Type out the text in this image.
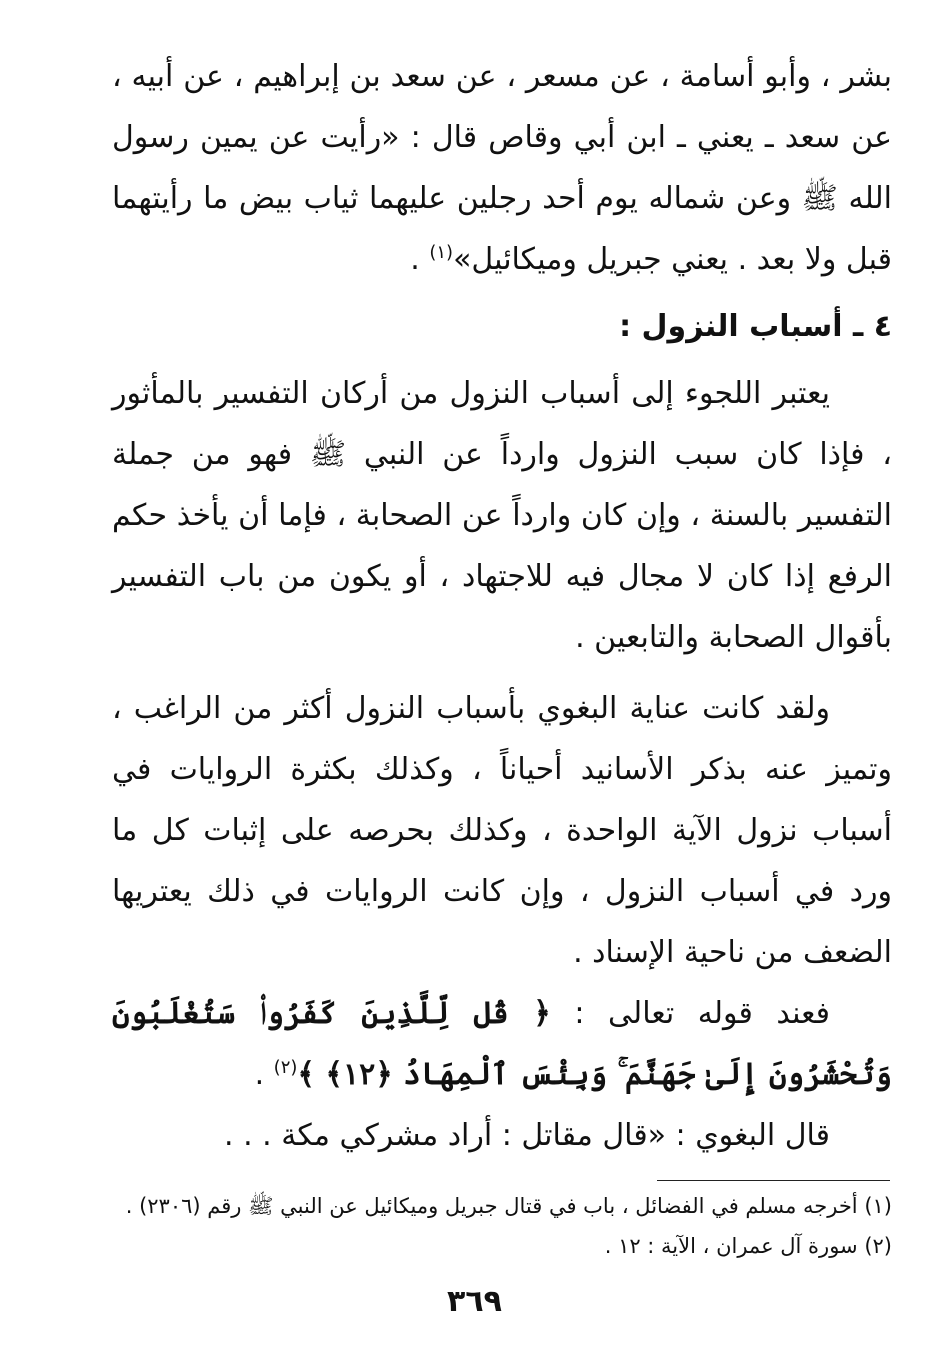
بشر ، وأبو أسامة ، عن مسعر ، عن سعد بن إبراهيم ، عن أبيه ، عن سعد ـ يعني ـ ابن أبي وقاص قال : «رأيت عن يمين رسول الله ﷺ وعن شماله يوم أحد رجلين عليهما ثياب بيض ما رأيتهما قبل ولا بعد . يعني جبريل وميكائيل»$^{(١)}$ .

٤ ـ أسباب النزول :

يعتبر اللجوء إلى أسباب النزول من أركان التفسير بالمأثور ، فإذا كان سبب النزول وارداً عن النبي ﷺ فهو من جملة التفسير بالسنة ، وإن كان وارداً عن الصحابة ، فإما أن يأخذ حكم الرفع إذا كان لا مجال فيه للاجتهاد ، أو يكون من باب التفسير بأقوال الصحابة والتابعين .

ولقد كانت عناية البغوي بأسباب النزول أكثر من الراغب ، وتميز عنه بذكر الأسانيد أحياناً ، وكذلك بكثرة الروايات في أسباب نزول الآية الواحدة ، وكذلك بحرصه على إثبات كل ما ورد في أسباب النزول ، وإن كانت الروايات في ذلك يعتريها الضعف من ناحية الإسناد .

فعند قوله تعالى : ﴿ قُل لِّلَّذِينَ كَفَرُوا۟ سَتُغْلَبُونَ وَتُحْشَرُونَ إِلَىٰ جَهَنَّمَ ۚ وَبِئْسَ ٱلْمِهَادُ ﴿١٢﴾ ﴾$^{(٢)}$ .

قال البغوي : «قال مقاتل : أراد مشركي مكة . . .

(١) أخرجه مسلم في الفضائل ، باب في قتال جبريل وميكائيل عن النبي ﷺ رقم (٢٣٠٦) .

(٢) سورة آل عمران ، الآية : ١٢ .

٣٦٩
